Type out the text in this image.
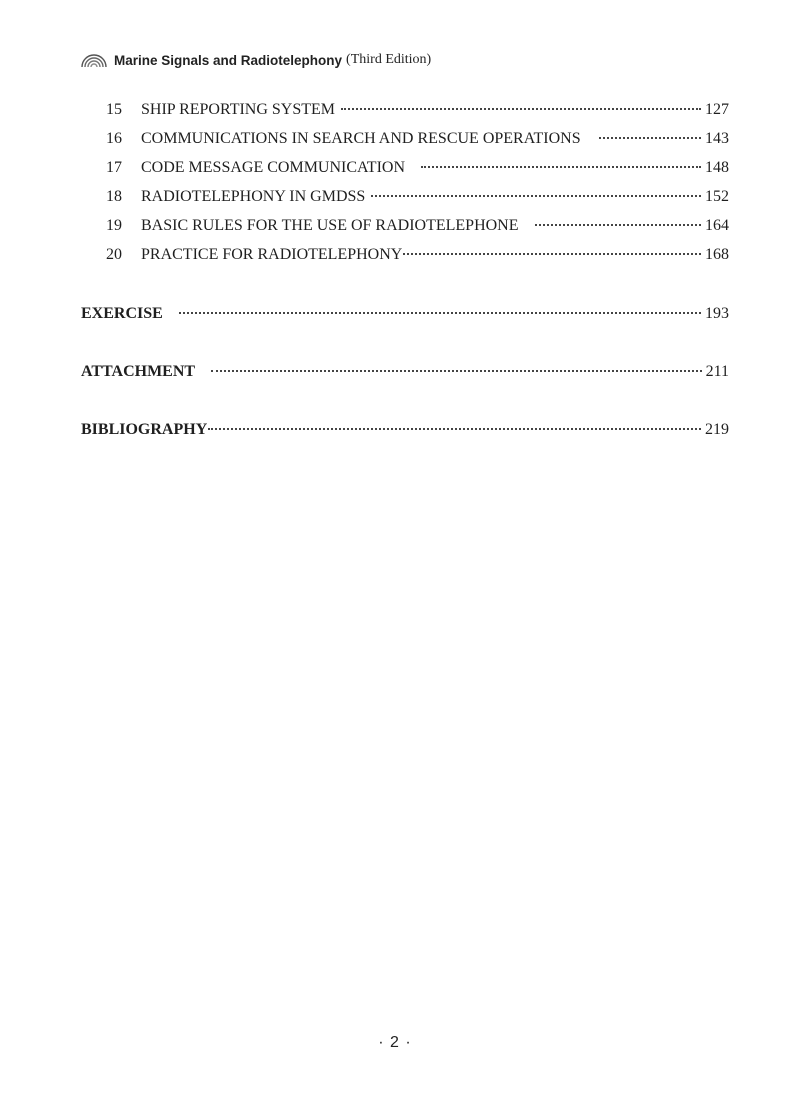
Marine Signals and Radiotelephony (Third Edition)
15	SHIP REPORTING SYSTEM	127
16	COMMUNICATIONS IN SEARCH AND RESCUE OPERATIONS	143
17	CODE MESSAGE COMMUNICATION	148
18	RADIOTELEPHONY IN GMDSS	152
19	BASIC RULES FOR THE USE OF RADIOTELEPHONE	164
20	PRACTICE FOR RADIOTELEPHONY	168
EXERCISE	193
ATTACHMENT	211
BIBLIOGRAPHY	219
· 2 ·
